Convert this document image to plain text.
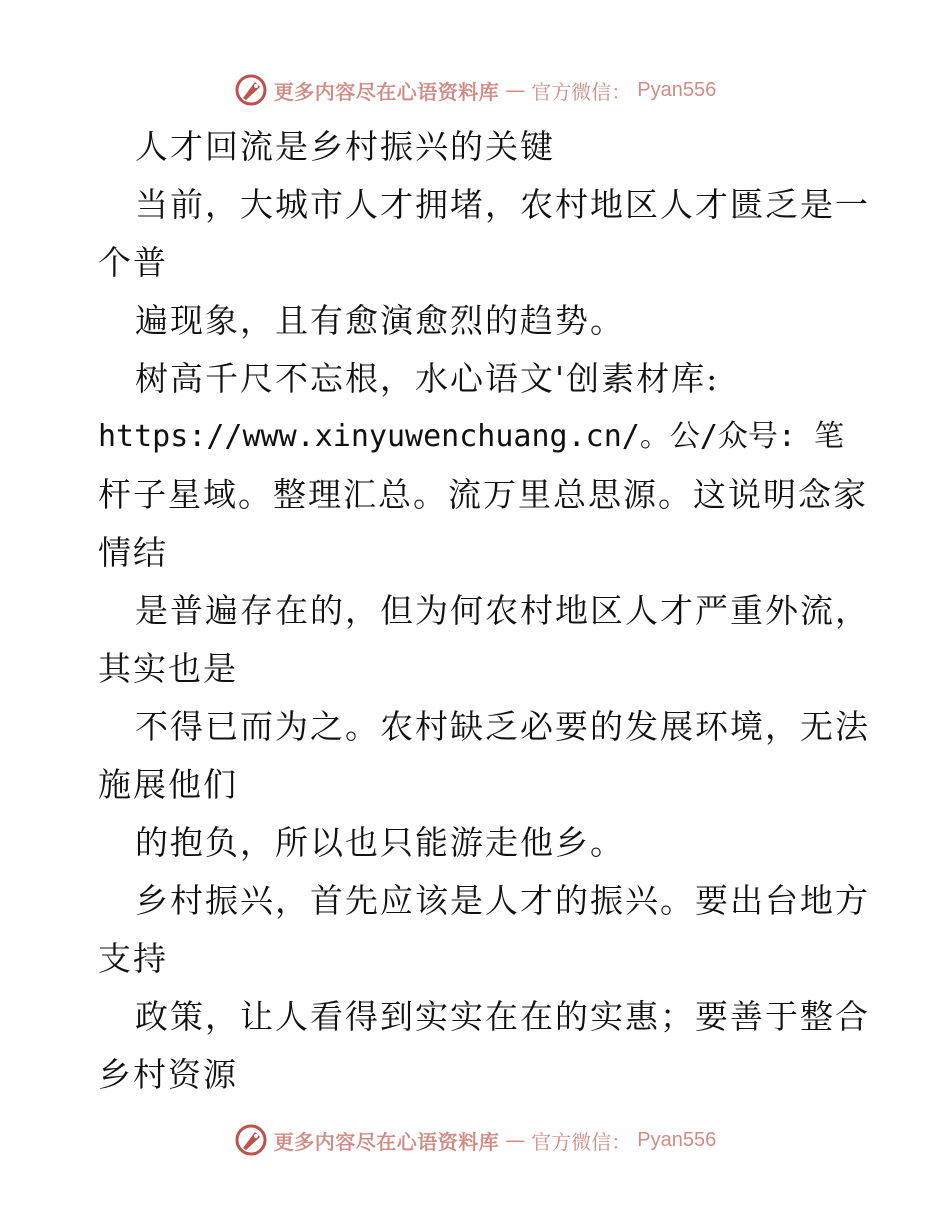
更多内容尽在心语资料库 — 官方微信： Pyan556
人才回流是乡村振兴的关键
当前，大城市人才拥堵，农村地区人才匮乏是一
个普
遍现象，且有愈演愈烈的趋势。
树高千尺不忘根，水心语文'创素材库:
https://www.xinyuwenchuang.cn/。公/众号: 笔
杆子星域。整理汇总。流万里总思源。这说明念家
情结
是普遍存在的，但为何农村地区人才严重外流，
其实也是
不得已而为之。农村缺乏必要的发展环境，无法
施展他们
的抱负，所以也只能游走他乡。
乡村振兴，首先应该是人才的振兴。要出台地方
支持
政策，让人看得到实实在在的实惠；要善于整合
乡村资源
更多内容尽在心语资料库 — 官方微信： Pyan556
